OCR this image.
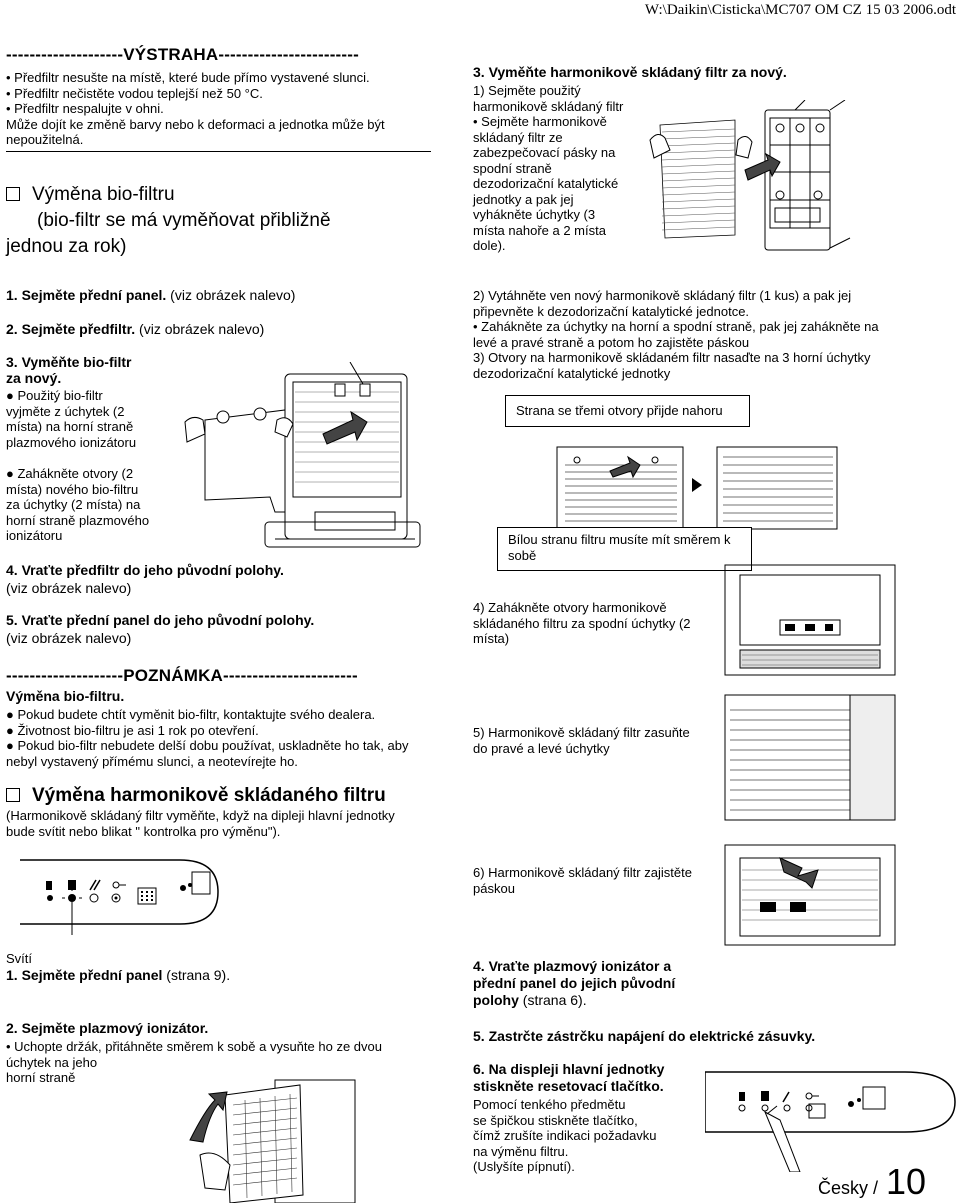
W:\Daikin\Cisticka\MC707 OM CZ 15 03 2006.odt
--------------------VÝSTRAHA------------------------
• Předfiltr nesušte na místě, které bude přímo vystavené slunci.
• Předfiltr nečistěte vodou teplejší než 50 °C.
• Předfiltr nespalujte v ohni.
Může dojít ke změně barvy nebo k deformaci a jednotka může být
nepoužitelná.
Výměna bio-filtru
(bio-filtr se má vyměňovat přibližně
jednou za rok)
3. Vyměňte harmonikově skládaný filtr za nový.
1) Sejměte použitý
harmonikově skládaný filtr
• Sejměte harmonikově
skládaný filtr ze
zabezpečovací pásky na
spodní straně
dezodorizační katalytické
jednotky a pak jej
vyhákněte úchytky (3
místa nahoře a 2 místa
dole).
1. Sejměte přední panel. (viz obrázek nalevo)
2. Sejměte předfiltr. (viz obrázek nalevo)
3. Vyměňte bio-filtr
za nový.
● Použitý bio-filtr
vyjměte z úchytek (2
místa) na horní straně
plazmového ionizátoru
● Zahákněte otvory (2
místa) nového bio-filtru
za úchytky (2 místa) na
horní straně plazmového
ionizátoru
4. Vraťte předfiltr do jeho původní polohy.
(viz obrázek nalevo)
5. Vraťte přední panel do jeho původní polohy.
(viz obrázek nalevo)
2) Vytáhněte ven nový harmonikově skládaný filtr (1 kus) a pak jej
připevněte k dezodorizační katalytické jednotce.
• Zahákněte za úchytky na horní a spodní straně, pak jej zahákněte na
levé a pravé straně a potom ho zajistěte páskou
3) Otvory na harmonikově skládaném filtr nasaďte na 3 horní úchytky
dezodorizační katalytické jednotky
Strana se třemi otvory přijde nahoru
Bílou stranu filtru musíte mít směrem k
sobě
4) Zahákněte otvory harmonikově
skládaného filtru za spodní úchytky (2
místa)
5) Harmonikově skládaný filtr zasuňte
do pravé a levé úchytky
6) Harmonikově skládaný filtr zajistěte
páskou
--------------------POZNÁMKA-----------------------
Výměna bio-filtru.
● Pokud budete chtít vyměnit bio-filtr, kontaktujte svého dealera.
● Životnost bio-filtru je asi 1 rok po otevření.
● Pokud bio-filtr nebudete delší dobu používat, uskladněte ho tak, aby
nebyl vystavený přímému slunci, a neotevírejte ho.
Výměna harmonikově skládaného filtru
(Harmonikově skládaný filtr vyměňte, když na dipleji hlavní jednotky
bude svítit nebo blikat " kontrolka pro výměnu").
Svítí
1. Sejměte přední panel (strana 9).
2. Sejměte plazmový ionizátor.
• Uchopte držák, přitáhněte směrem k sobě a vysuňte ho ze dvou
úchytek na jeho
horní straně
4. Vraťte plazmový ionizátor a
přední panel do jejich původní
polohy (strana 6).
5. Zastrčte zástrčku napájení do elektrické zásuvky.
6. Na displeji hlavní jednotky
stiskněte resetovací tlačítko.
Pomocí tenkého předmětu
se špičkou stiskněte tlačítko,
čímž zrušíte indikaci požadavku
na výměnu filtru.
(Uslyšíte pípnutí).
Česky / 10
